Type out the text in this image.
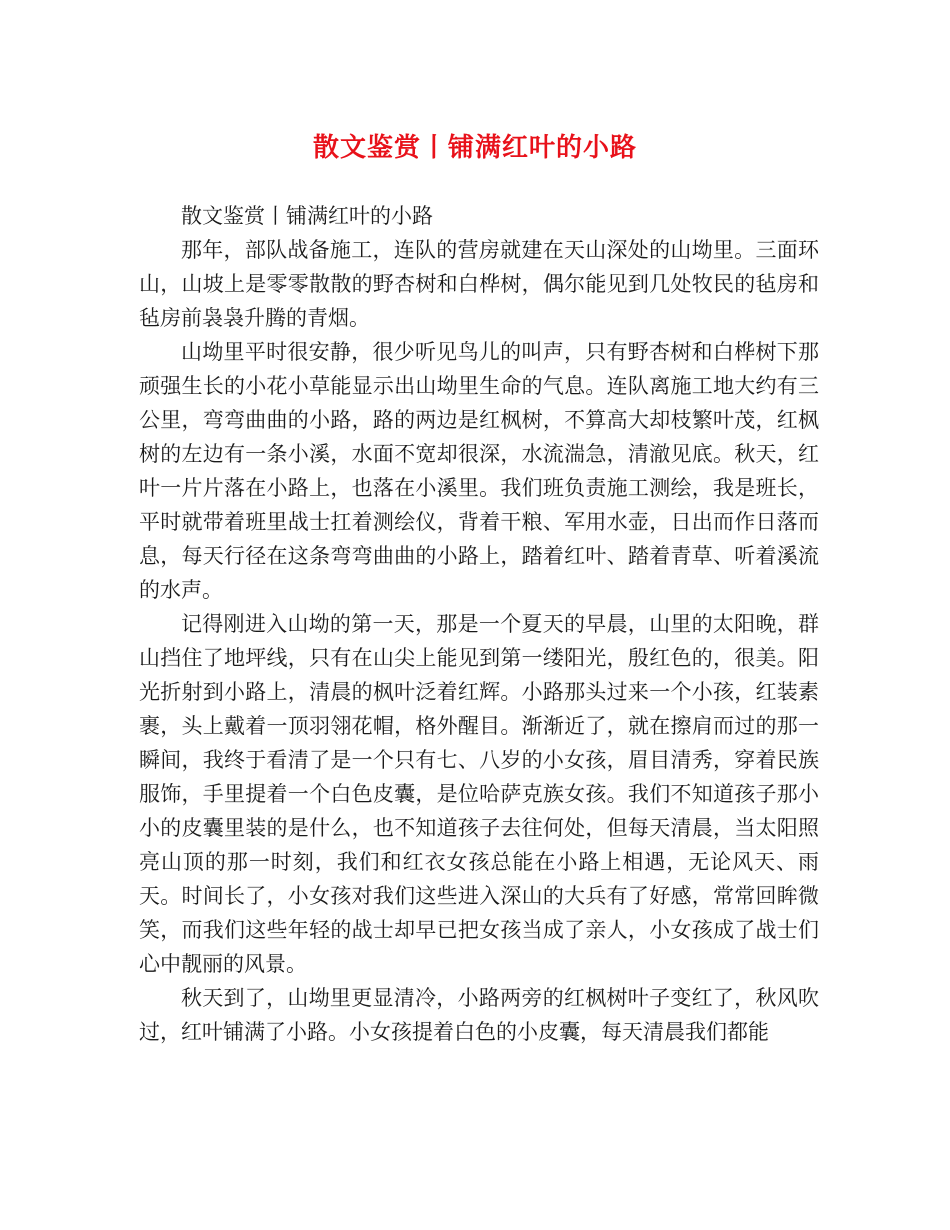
散文鉴赏丨铺满红叶的小路

散文鉴赏丨铺满红叶的小路

那年，部队战备施工，连队的营房就建在天山深处的山坳里。三面环山，山坡上是零零散散的野杏树和白桦树，偶尔能见到几处牧民的毡房和毡房前袅袅升腾的青烟。

山坳里平时很安静，很少听见鸟儿的叫声，只有野杏树和白桦树下那顽强生长的小花小草能显示出山坳里生命的气息。连队离施工地大约有三公里，弯弯曲曲的小路，路的两边是红枫树，不算高大却枝繁叶茂，红枫树的左边有一条小溪，水面不宽却很深，水流湍急，清澈见底。秋天，红叶一片片落在小路上，也落在小溪里。我们班负责施工测绘，我是班长，平时就带着班里战士扛着测绘仪，背着干粮、军用水壶，日出而作日落而息，每天行径在这条弯弯曲曲的小路上，踏着红叶、踏着青草、听着溪流的水声。

记得刚进入山坳的第一天，那是一个夏天的早晨，山里的太阳晚，群山挡住了地坪线，只有在山尖上能见到第一缕阳光，殷红色的，很美。阳光折射到小路上，清晨的枫叶泛着红辉。小路那头过来一个小孩，红装素裹，头上戴着一顶羽翎花帽，格外醒目。渐渐近了，就在擦肩而过的那一瞬间，我终于看清了是一个只有七、八岁的小女孩，眉目清秀，穿着民族服饰，手里提着一个白色皮囊，是位哈萨克族女孩。我们不知道孩子那小小的皮囊里装的是什么，也不知道孩子去往何处，但每天清晨，当太阳照亮山顶的那一时刻，我们和红衣女孩总能在小路上相遇，无论风天、雨天。时间长了，小女孩对我们这些进入深山的大兵有了好感，常常回眸微笑，而我们这些年轻的战士却早已把女孩当成了亲人，小女孩成了战士们心中靓丽的风景。

秋天到了，山坳里更显清冷，小路两旁的红枫树叶子变红了，秋风吹过，红叶铺满了小路。小女孩提着白色的小皮囊，每天清晨我们都能
